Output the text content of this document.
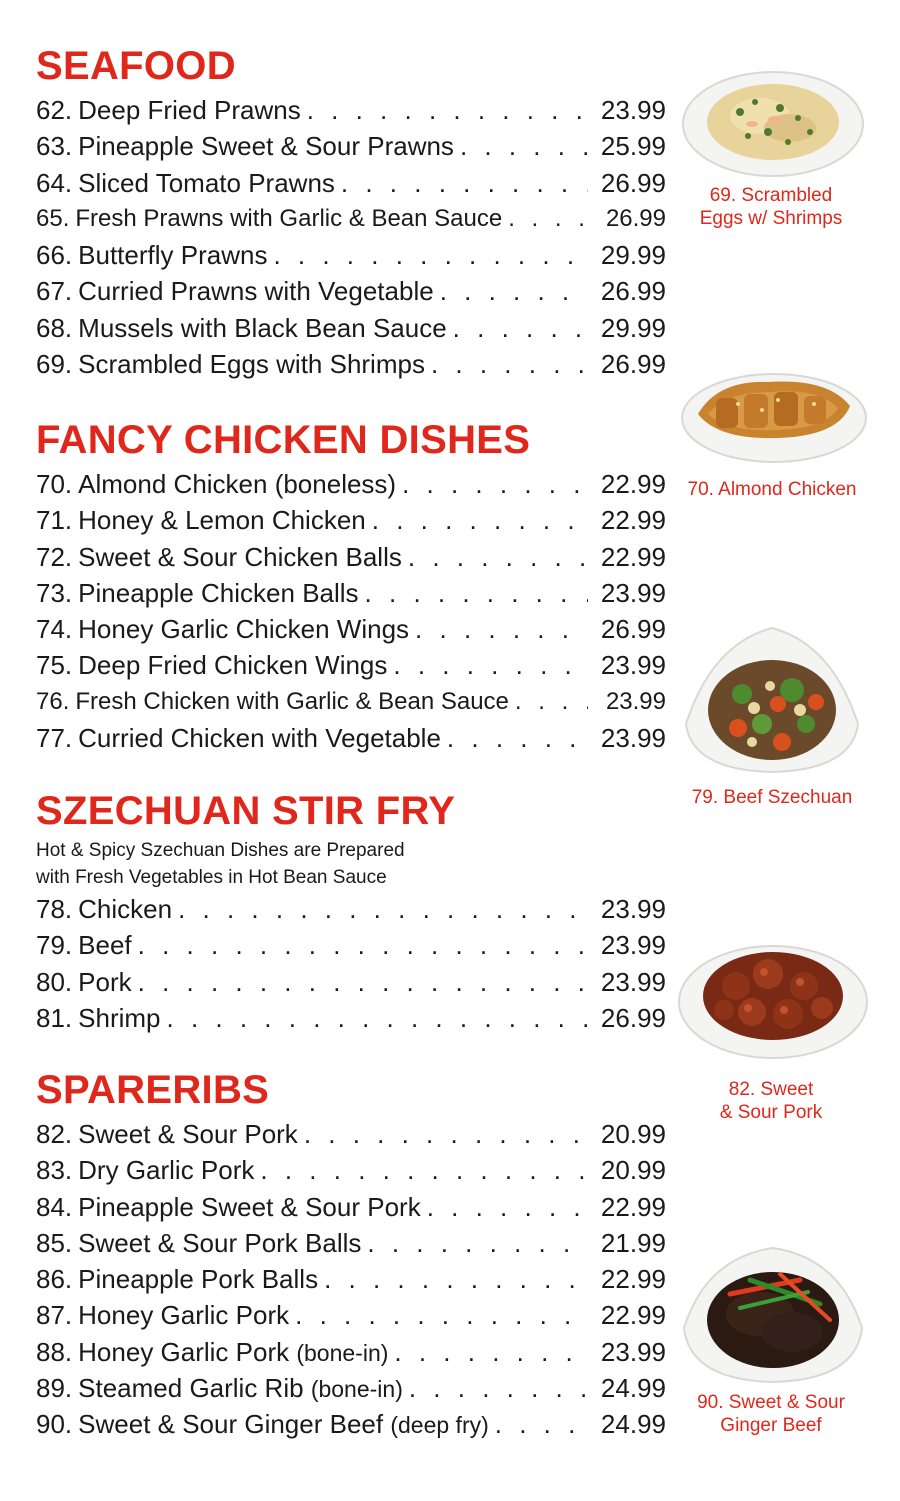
SEAFOOD
62. Deep Fried Prawns . . .	23.99
63. Pineapple Sweet & Sour Prawns . . .	25.99
64. Sliced Tomato Prawns . . .	26.99
65. Fresh Prawns with Garlic & Bean Sauce . . .	26.99
66. Butterfly Prawns . . .	29.99
67. Curried Prawns with Vegetable . . .	26.99
68. Mussels with Black Bean Sauce . . .	29.99
69. Scrambled Eggs with Shrimps . . .	26.99
FANCY CHICKEN DISHES
70. Almond Chicken (boneless) . . .	22.99
71. Honey & Lemon Chicken . . .	22.99
72. Sweet & Sour Chicken Balls . . .	22.99
73. Pineapple Chicken Balls . . .	23.99
74. Honey Garlic Chicken Wings . . .	26.99
75. Deep Fried Chicken Wings . . .	23.99
76. Fresh Chicken with Garlic & Bean Sauce . . .	23.99
77. Curried Chicken with Vegetable . . .	23.99
SZECHUAN STIR FRY
Hot & Spicy Szechuan Dishes are Prepared
with Fresh Vegetables in Hot Bean Sauce
78. Chicken . . .	23.99
79. Beef . . .	23.99
80. Pork . . .	23.99
81. Shrimp . . .	26.99
SPARERIBS
82. Sweet & Sour Pork . . .	20.99
83. Dry Garlic Pork . . .	20.99
84. Pineapple Sweet & Sour Pork . . .	22.99
85. Sweet & Sour Pork Balls . . .	21.99
86. Pineapple Pork Balls . . .	22.99
87. Honey Garlic Pork . . .	22.99
88. Honey Garlic Pork (bone-in) . . .	23.99
89. Steamed Garlic Rib (bone-in) . . .	24.99
90. Sweet & Sour Ginger Beef (deep fry) . . .	24.99
69. Scrambled
Eggs w/ Shrimps
70. Almond Chicken
79. Beef Szechuan
82. Sweet
& Sour Pork
90. Sweet & Sour
Ginger Beef
